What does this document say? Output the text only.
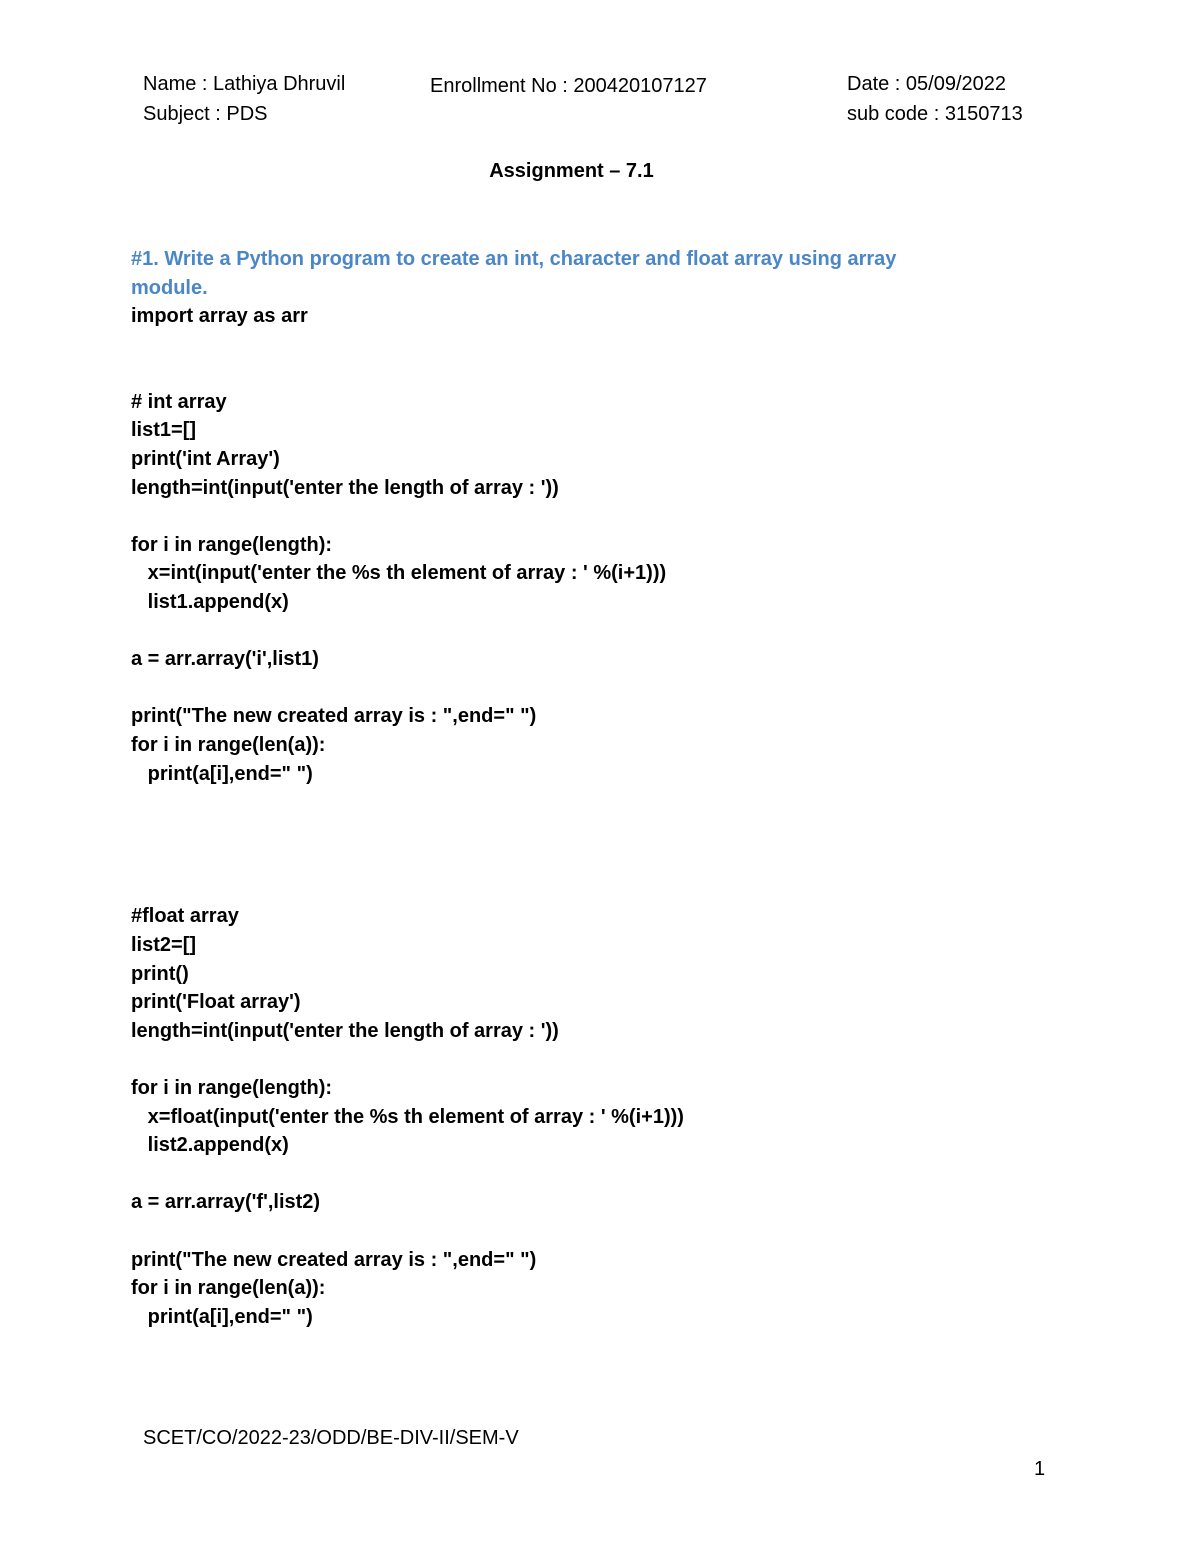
Name : Lathiya Dhruvil
Subject : PDS
Enrollment No : 200420107127	Date : 05/09/2022
sub code : 3150713
Assignment – 7.1
#1. Write a Python program to create an int, character and float array using array module.
import array as arr

# int array
list1=[]
print('int Array')
length=int(input('enter the length of array : '))

for i in range(length):
x=int(input('enter the %s th element of array : ' %(i+1)))
list1.append(x)

a = arr.array('i',list1)

print("The new created array is : ",end=" ")
for i in range(len(a)):
print(a[i],end=" ")

#float array
list2=[]
print()
print('Float array')
length=int(input('enter the length of array : '))

for i in range(length):
x=float(input('enter the %s th element of array : ' %(i+1)))
list2.append(x)

a = arr.array('f',list2)

print("The new created array is : ",end=" ")
for i in range(len(a)):
print(a[i],end=" ")

SCET/CO/2022-23/ODD/BE-DIV-II/SEM-V
1
